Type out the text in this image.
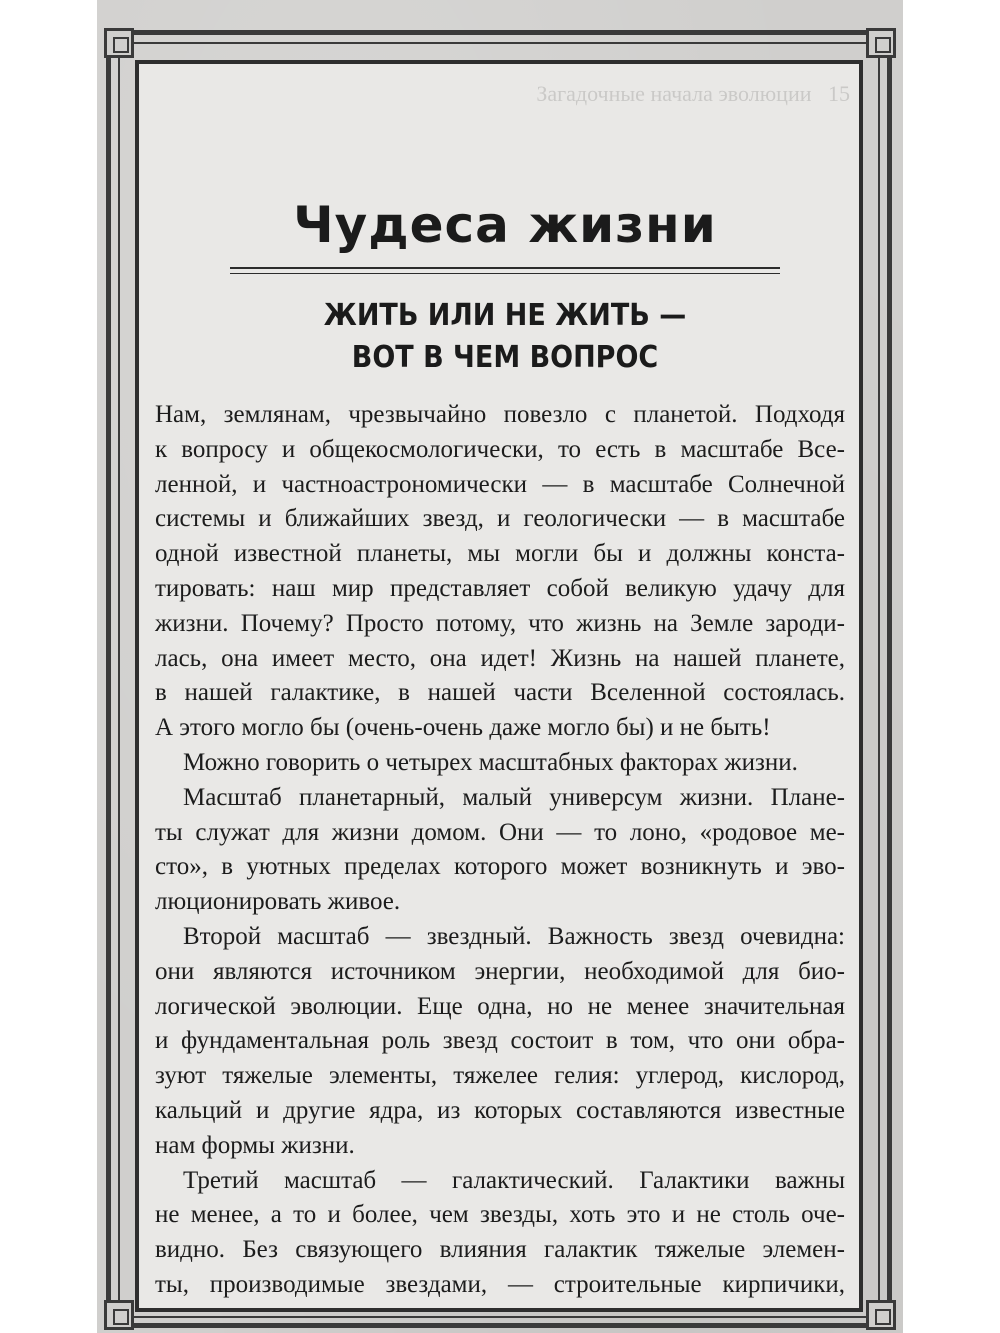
Чудеса жизни
ЖИТЬ ИЛИ НЕ ЖИТЬ —
ВОТ В ЧЕМ ВОПРОС
Нам, землянам, чрезвычайно повезло с планетой. Подходя
к вопросу и общекосмологически, то есть в масштабе Все-
ленной, и частноастрономически — в масштабе Солнечной
системы и ближайших звезд, и геологически — в масштабе
одной известной планеты, мы могли бы и должны конста-
тировать: наш мир представляет собой великую удачу для
жизни. Почему? Просто потому, что жизнь на Земле зароди-
лась, она имеет место, она идет! Жизнь на нашей планете,
в нашей галактике, в нашей части Вселенной состоялась.
А этого могло бы (очень-очень даже могло бы) и не быть!
Можно говорить о четырех масштабных факторах жизни.
Масштаб планетарный, малый универсум жизни. Плане-
ты служат для жизни домом. Они — то лоно, «родовое ме-
сто», в уютных пределах которого может возникнуть и эво-
люционировать живое.
Второй масштаб — звездный. Важность звезд очевидна:
они являются источником энергии, необходимой для био-
логической эволюции. Еще одна, но не менее значительная
и фундаментальная роль звезд состоит в том, что они обра-
зуют тяжелые элементы, тяжелее гелия: углерод, кислород,
кальций и другие ядра, из которых составляются известные
нам формы жизни.
Третий масштаб — галактический. Галактики важны
не менее, а то и более, чем звезды, хоть это и не столь оче-
видно. Без связующего влияния галактик тяжелые элемен-
ты, производимые звездами, — строительные кирпичики,
